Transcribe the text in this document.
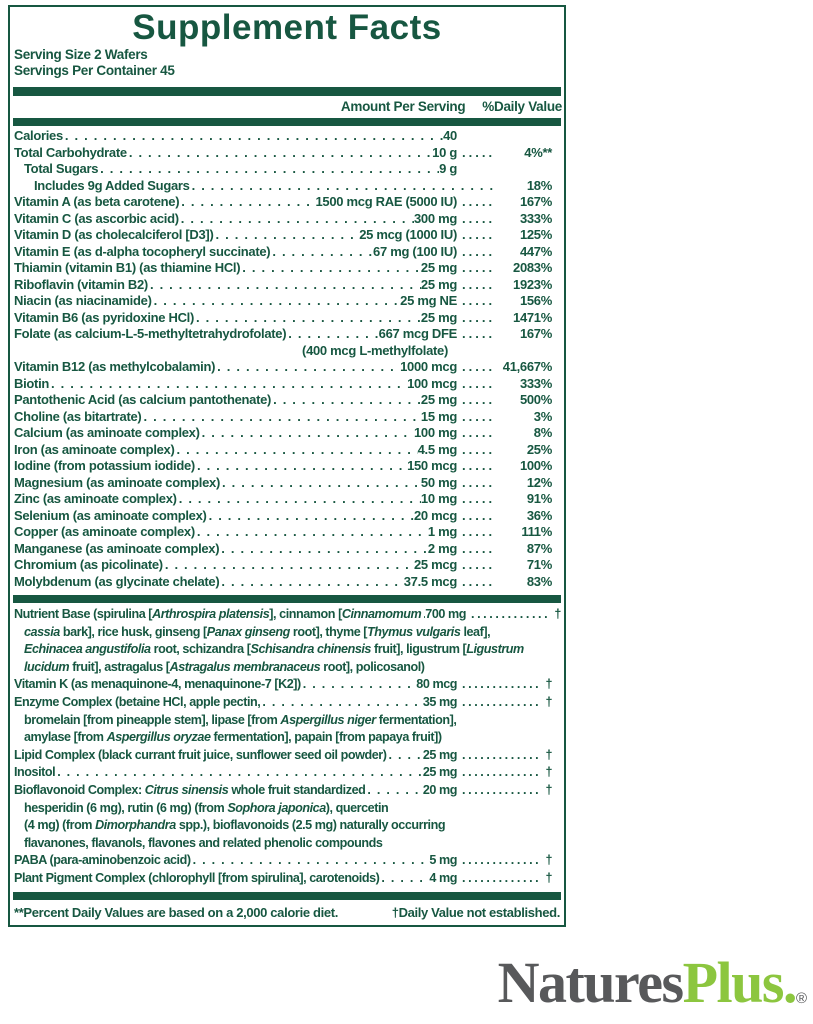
Supplement Facts
Serving Size 2 Wafers
Servings Per Container 45
Amount Per Serving %Daily Value
Calories .....	40
Total Carbohydrate .....	10 g . . .	4%**
Total Sugars .....	9 g
Includes 9g Added Sugars .....	18%
Vitamin A (as beta carotene) .....	1500 mcg RAE (5000 IU) . . .	167%
Vitamin C (as ascorbic acid) .....	300 mg . . .	333%
Vitamin D (as cholecalciferol [D3]) .....	25 mcg (1000 IU) . . .	125%
Vitamin E (as d-alpha tocopheryl succinate) .....	67 mg (100 IU) . . .	447%
Thiamin (vitamin B1) (as thiamine HCl) .....	25 mg . . .	2083%
Riboflavin (vitamin B2) .....	25 mg . . .	1923%
Niacin (as niacinamide) .....	25 mg NE . . .	156%
Vitamin B6 (as pyridoxine HCl) .....	25 mg . . .	1471%
Folate (as calcium-L-5-methyltetrahydrofolate) .....	667 mcg DFE . . .	167%
(400 mcg L-methylfolate)
Vitamin B12 (as methylcobalamin) .....	1000 mcg . . .	41,667%
Biotin .....	100 mcg . . .	333%
Pantothenic Acid (as calcium pantothenate) .....	25 mg . . .	500%
Choline (as bitartrate) .....	15 mg . . .	3%
Calcium (as aminoate complex) .....	100 mg . . .	8%
Iron (as aminoate complex) .....	4.5 mg . . .	25%
Iodine (from potassium iodide) .....	150 mcg . . .	100%
Magnesium (as aminoate complex) .....	50 mg . . .	12%
Zinc (as aminoate complex) .....	10 mg . . .	91%
Selenium (as aminoate complex) .....	20 mcg . . .	36%
Copper (as aminoate complex) .....	1 mg . . .	111%
Manganese (as aminoate complex) .....	2 mg . . .	87%
Chromium (as picolinate) .....	25 mcg . . .	71%
Molybdenum (as glycinate chelate) .....	37.5 mcg . . .	83%
Nutrient Base (spirulina [Arthrospira platensis], cinnamon [Cinnamomum ..... 700 mg . . .	†
cassia bark], rice husk, ginseng [Panax ginseng root], thyme [Thymus vulgaris leaf],
Echinacea angustifolia root, schizandra [Schisandra chinensis fruit], ligustrum [Ligustrum
lucidum fruit], astragalus [Astragalus membranaceus root], policosanol)
Vitamin K (as menaquinone-4, menaquinone-7 [K2]) .....	80 mcg . . .	†
Enzyme Complex (betaine HCl, apple pectin, .....	35 mg . . .	†
bromelain [from pineapple stem], lipase [from Aspergillus niger fermentation],
amylase [from Aspergillus oryzae fermentation], papain [from papaya fruit])
Lipid Complex (black currant fruit juice, sunflower seed oil powder) .....	25 mg . . .	†
Inositol .....	25 mg . . .	†
Bioflavonoid Complex: Citrus sinensis whole fruit standardized .....	20 mg . . .	†
hesperidin (6 mg), rutin (6 mg) (from Sophora japonica), quercetin
(4 mg) (from Dimorphandra spp.), bioflavonoids (2.5 mg) naturally occurring
flavanones, flavanols, flavones and related phenolic compounds
PABA (para-aminobenzoic acid) .....	5 mg . . .	†
Plant Pigment Complex (chlorophyll [from spirulina], carotenoids) .....	4 mg . . .	†
**Percent Daily Values are based on a 2,000 calorie diet.	†Daily Value not established.
NaturesPlus.®
